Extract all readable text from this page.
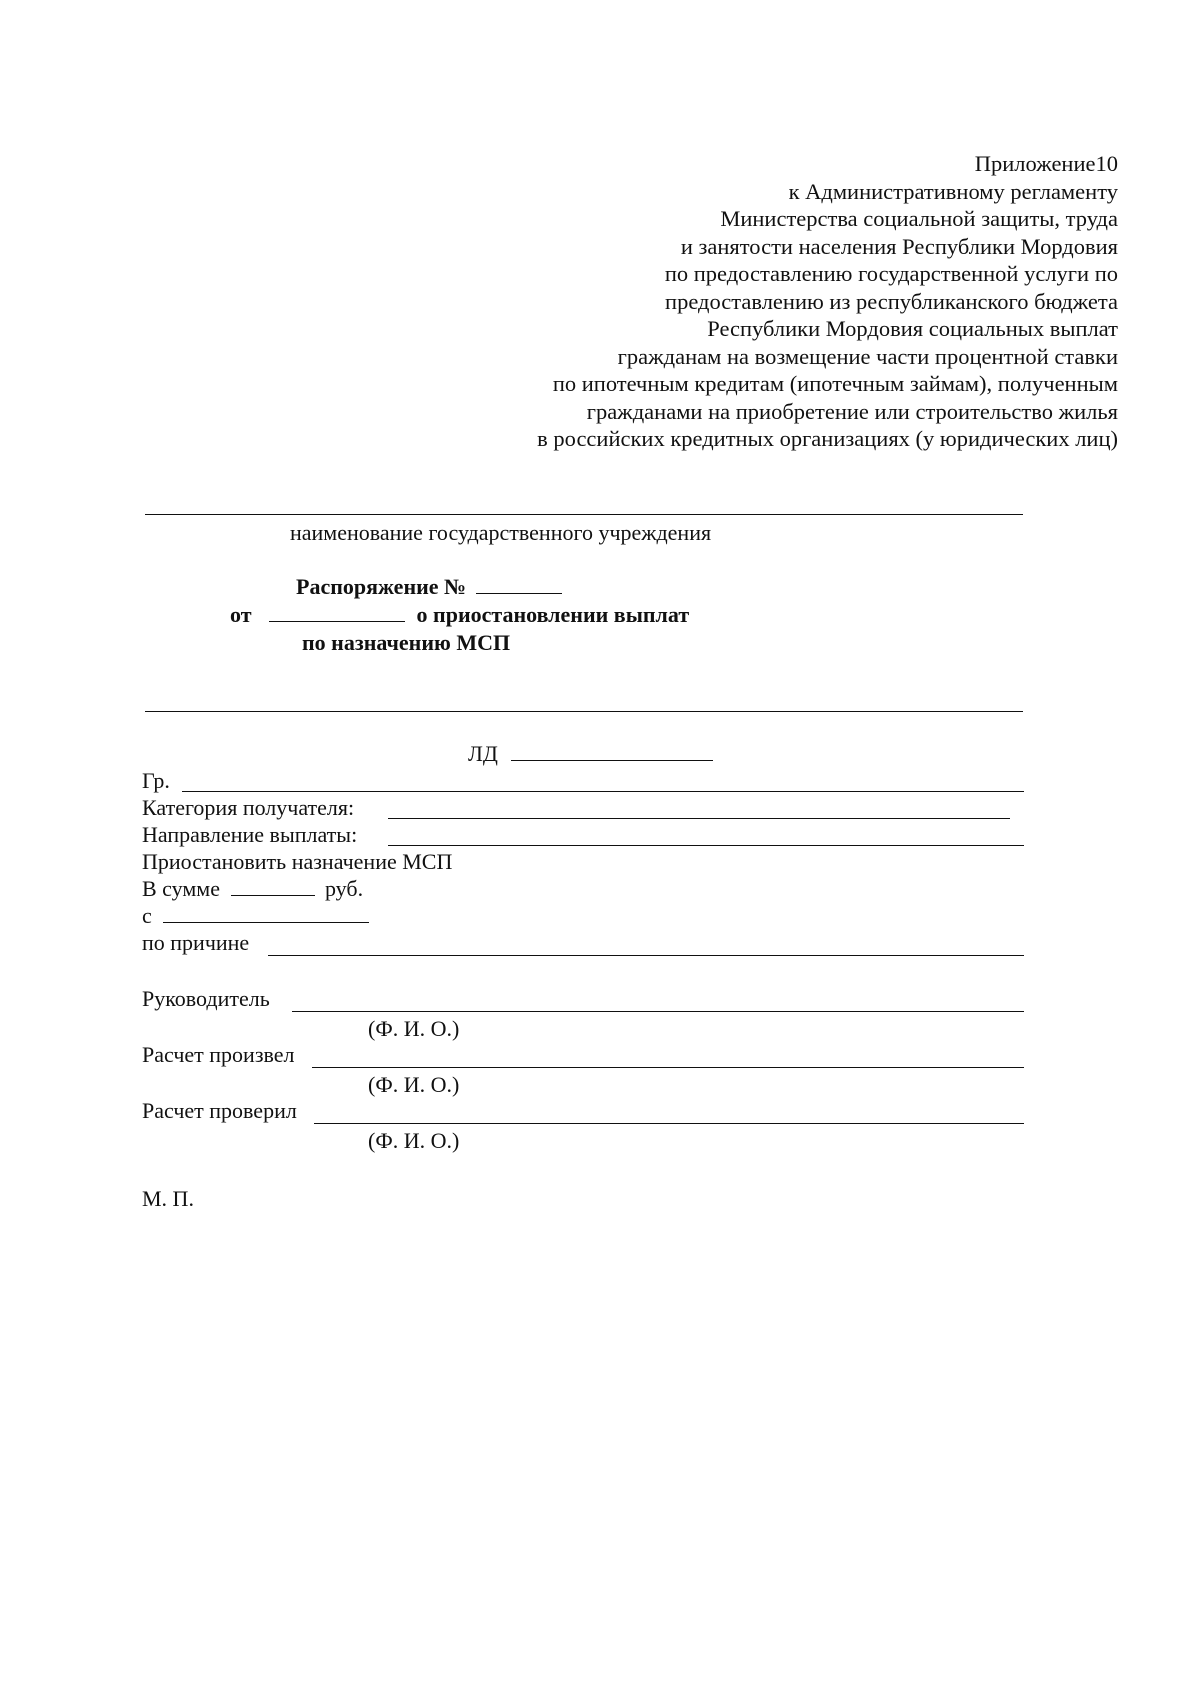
Приложение10
к Административному регламенту
Министерства социальной защиты, труда
и занятости населения Республики Мордовия
по предоставлению государственной услуги по
предоставлению из республиканского бюджета
Республики Мордовия социальных выплат
гражданам на возмещение части процентной ставки
по ипотечным кредитам (ипотечным займам), полученным
гражданами на приобретение или строительство жилья
в российских кредитных организациях (у юридических лиц)
наименование государственного учреждения
Распоряжение №
от	о приостановлении выплат
по назначению МСП
ЛД
Гр.
Категория получателя:
Направление выплаты:
Приостановить назначение МСП
В сумме	руб.
с
по причине
Руководитель
(Ф. И. О.)
Расчет произвел
(Ф. И. О.)
Расчет проверил
(Ф. И. О.)
М. П.
